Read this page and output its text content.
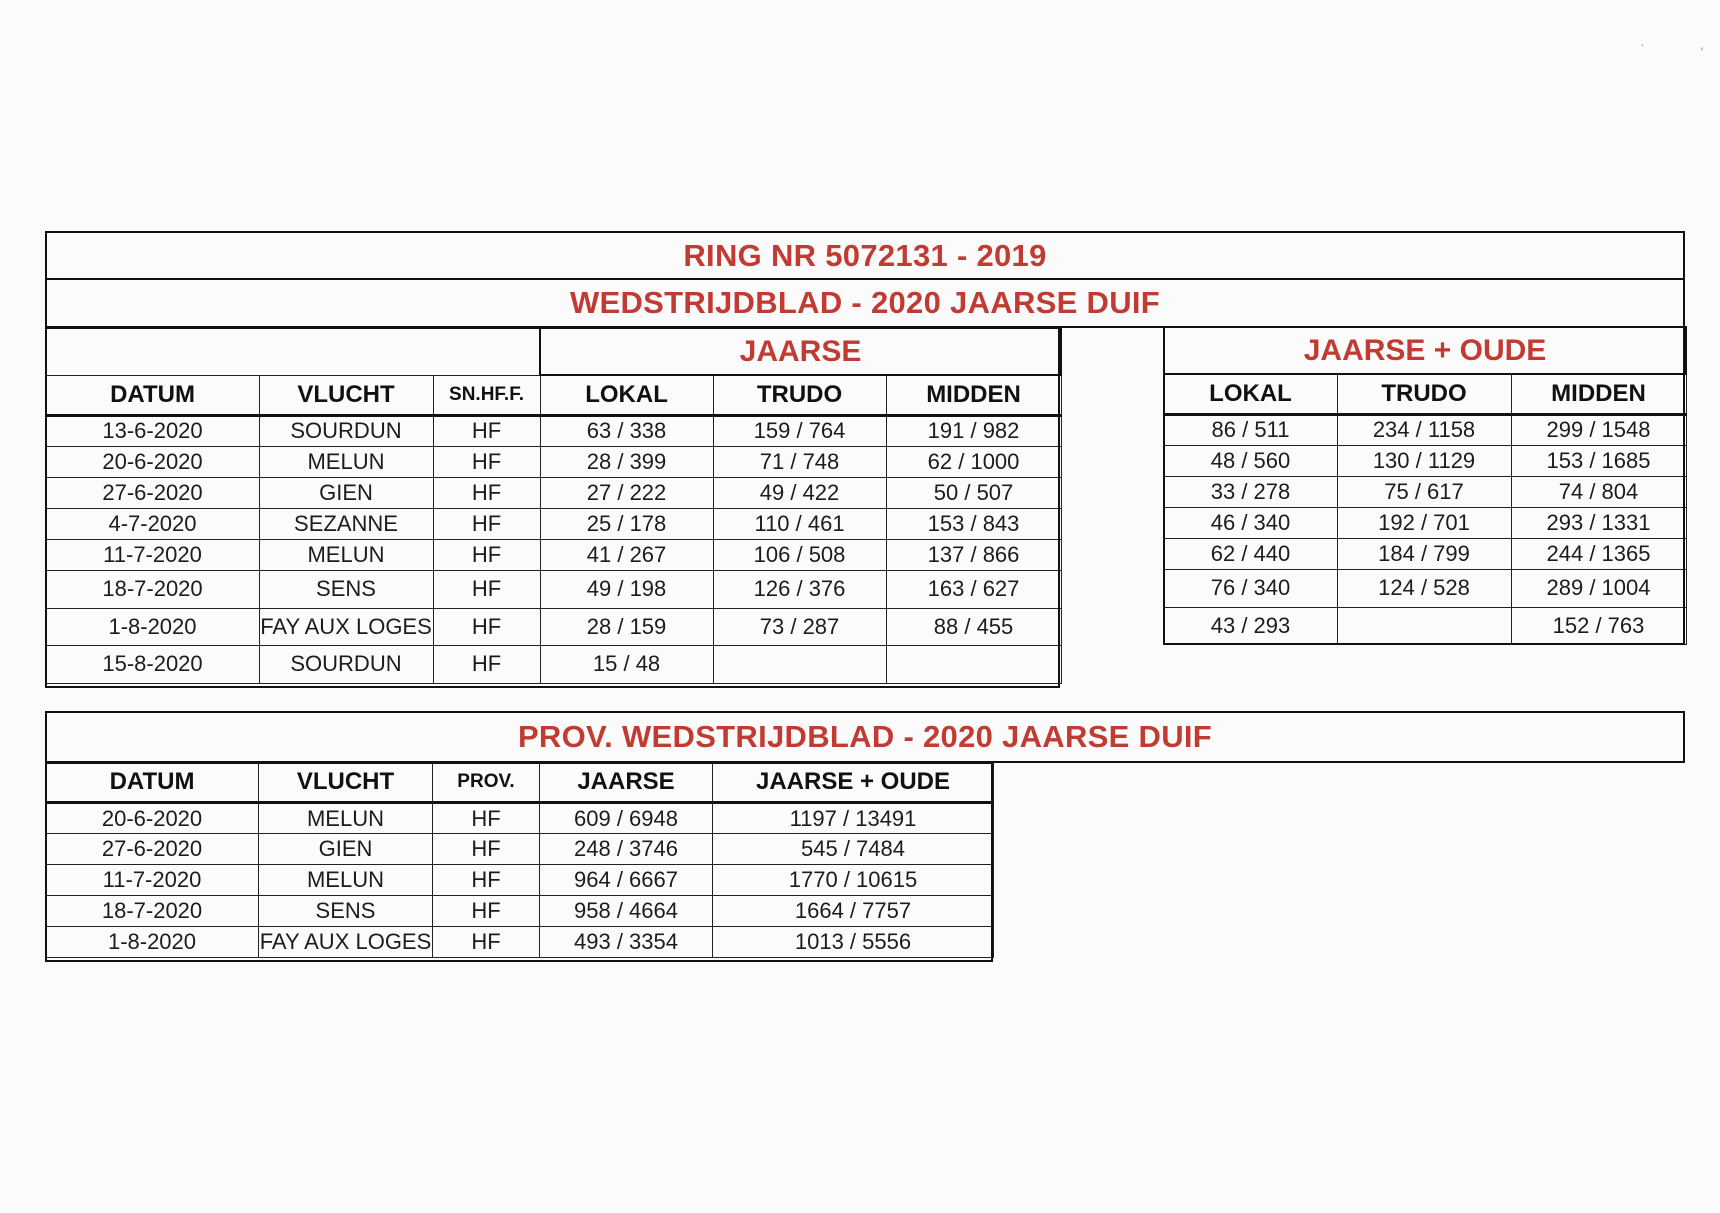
RING NR 5072131 - 2019
WEDSTRIJDBLAD - 2020 JAARSE DUIF
			JAARSE		
DATUM	VLUCHT	SN.HF.F.	LOKAL	TRUDO	MIDDEN
13-6-2020	SOURDUN	HF	63 / 338	159 / 764	191 / 982
20-6-2020	MELUN	HF	28 / 399	71 / 748	62 / 1000
27-6-2020	GIEN	HF	27 / 222	49 / 422	50 / 507
4-7-2020	SEZANNE	HF	25 / 178	110 / 461	153 / 843
11-7-2020	MELUN	HF	41 / 267	106 / 508	137 / 866
18-7-2020	SENS	HF	49 / 198	126 / 376	163 / 627
1-8-2020	FAY AUX LOGES	HF	28 / 159	73 / 287	88 / 455
15-8-2020	SOURDUN	HF	15 / 48		
JAARSE + OUDE		
LOKAL	TRUDO	MIDDEN
86 / 511	234 / 1158	299 / 1548
48 / 560	130 / 1129	153 / 1685
33 / 278	75 / 617	74 / 804
46 / 340	192 / 701	293 / 1331
62 / 440	184 / 799	244 / 1365
76 / 340	124 / 528	289 / 1004
43 / 293		152 / 763
PROV. WEDSTRIJDBLAD - 2020 JAARSE DUIF
DATUM	VLUCHT	PROV.	JAARSE	JAARSE + OUDE
20-6-2020	MELUN	HF	609 / 6948	1197 / 13491
27-6-2020	GIEN	HF	248 / 3746	545 / 7484
11-7-2020	MELUN	HF	964 / 6667	1770 / 10615
18-7-2020	SENS	HF	958 / 4664	1664 / 7757
1-8-2020	FAY AUX LOGES	HF	493 / 3354	1013 / 5556
·	,
